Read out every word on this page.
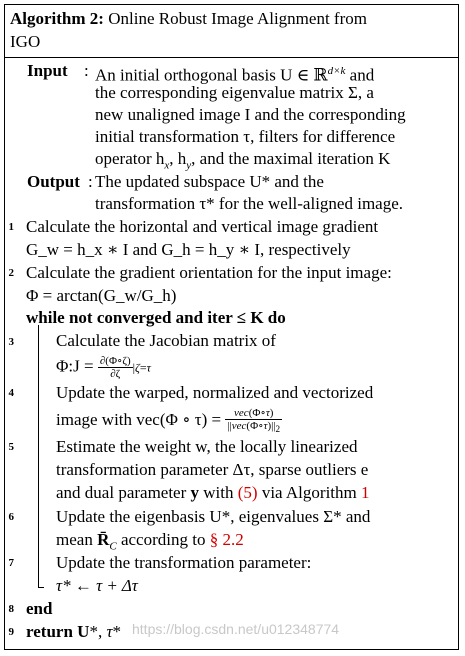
Algorithm 2: Online Robust Image Alignment from
IGO
Input : An initial orthogonal basis U ∈ ℝ$^{d\times k}$ and
the corresponding eigenvalue matrix Σ, a
new unaligned image I and the corresponding
initial transformation τ, filters for difference
operator $h_x$, $h_y$, and the maximal iteration K
Output : The updated subspace U* and the
transformation τ* for the well-aligned image.
1 Calculate the horizontal and vertical image gradient
G_w = h_x ∗ I and G_h = h_y ∗ I, respectively
2 Calculate the gradient orientation for the input image:
Φ = arctan(G_w/G_h)
while not converged and iter ≤ K do
3 Calculate the Jacobian matrix of
Φ:J = $\frac{\partial(\Phi\circ\zeta)}{\partial\zeta} |\zeta=\tau$
4 Update the warped, normalized and vectorized
image with vec(Φ ∘ $\tau) = \frac{\text{vec(Φ∘τ)}}{||vec(\Phi\circ\tau)||_2}$
5 Estimate the weight w, the locally linearized
transformation parameter Δτ, sparse outliers e
and dual parameter y with (5) via Algorithm 1
6 Update the eigenbasis U*, eigenvalues Σ* and
mean $R̄_C$ according to § 2.2
7 Update the transformation parameter:
τ* ← τ + Δτ
8 end
9 return U*, τ* https://blog.csdn.net/u012348774
